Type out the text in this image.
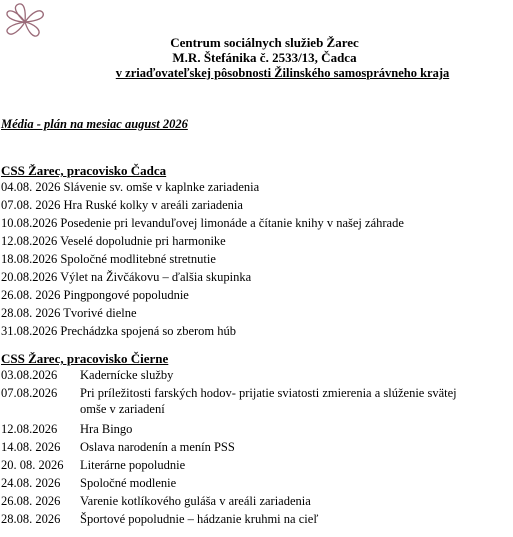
Centrum sociálnych služieb Žarec
M.R. Štefánika č. 2533/13, Čadca
v zriaďovateľskej pôsobnosti Žilinského samosprávneho kraja
Média - plán na mesiac august 2026
CSS Žarec, pracovisko Čadca
04.08. 2026 Slávenie sv. omše v kaplnke zariadenia
07.08. 2026 Hra Ruské kolky v areáli zariadenia
10.08.2026 Posedenie pri levanduľovej limonáde a čítanie knihy v našej záhrade
12.08.2026 Veselé dopoludnie pri harmonike
18.08.2026 Spoločné modlitebné stretnutie
20.08.2026 Výlet na Živčákovu – ďalšia skupinka
26.08. 2026 Pingpongové popoludnie
28.08. 2026 Tvorivé dielne
31.08.2026 Prechádzka spojená so zberom húb
CSS Žarec, pracovisko Čierne
03.08.2026 Kadernícke služby
07.08.2026 Pri príležitosti farských hodov- prijatie sviatosti zmierenia a slúženie svätej
omše v zariadení
12.08.2026 Hra Bingo
14.08. 2026 Oslava narodenín a menín PSS
20. 08. 2026 Literárne popoludnie
24.08. 2026 Spoločné modlenie
26.08. 2026 Varenie kotlíkového guláša v areáli zariadenia
28.08. 2026 Športové popoludnie – hádzanie kruhmi na cieľ
